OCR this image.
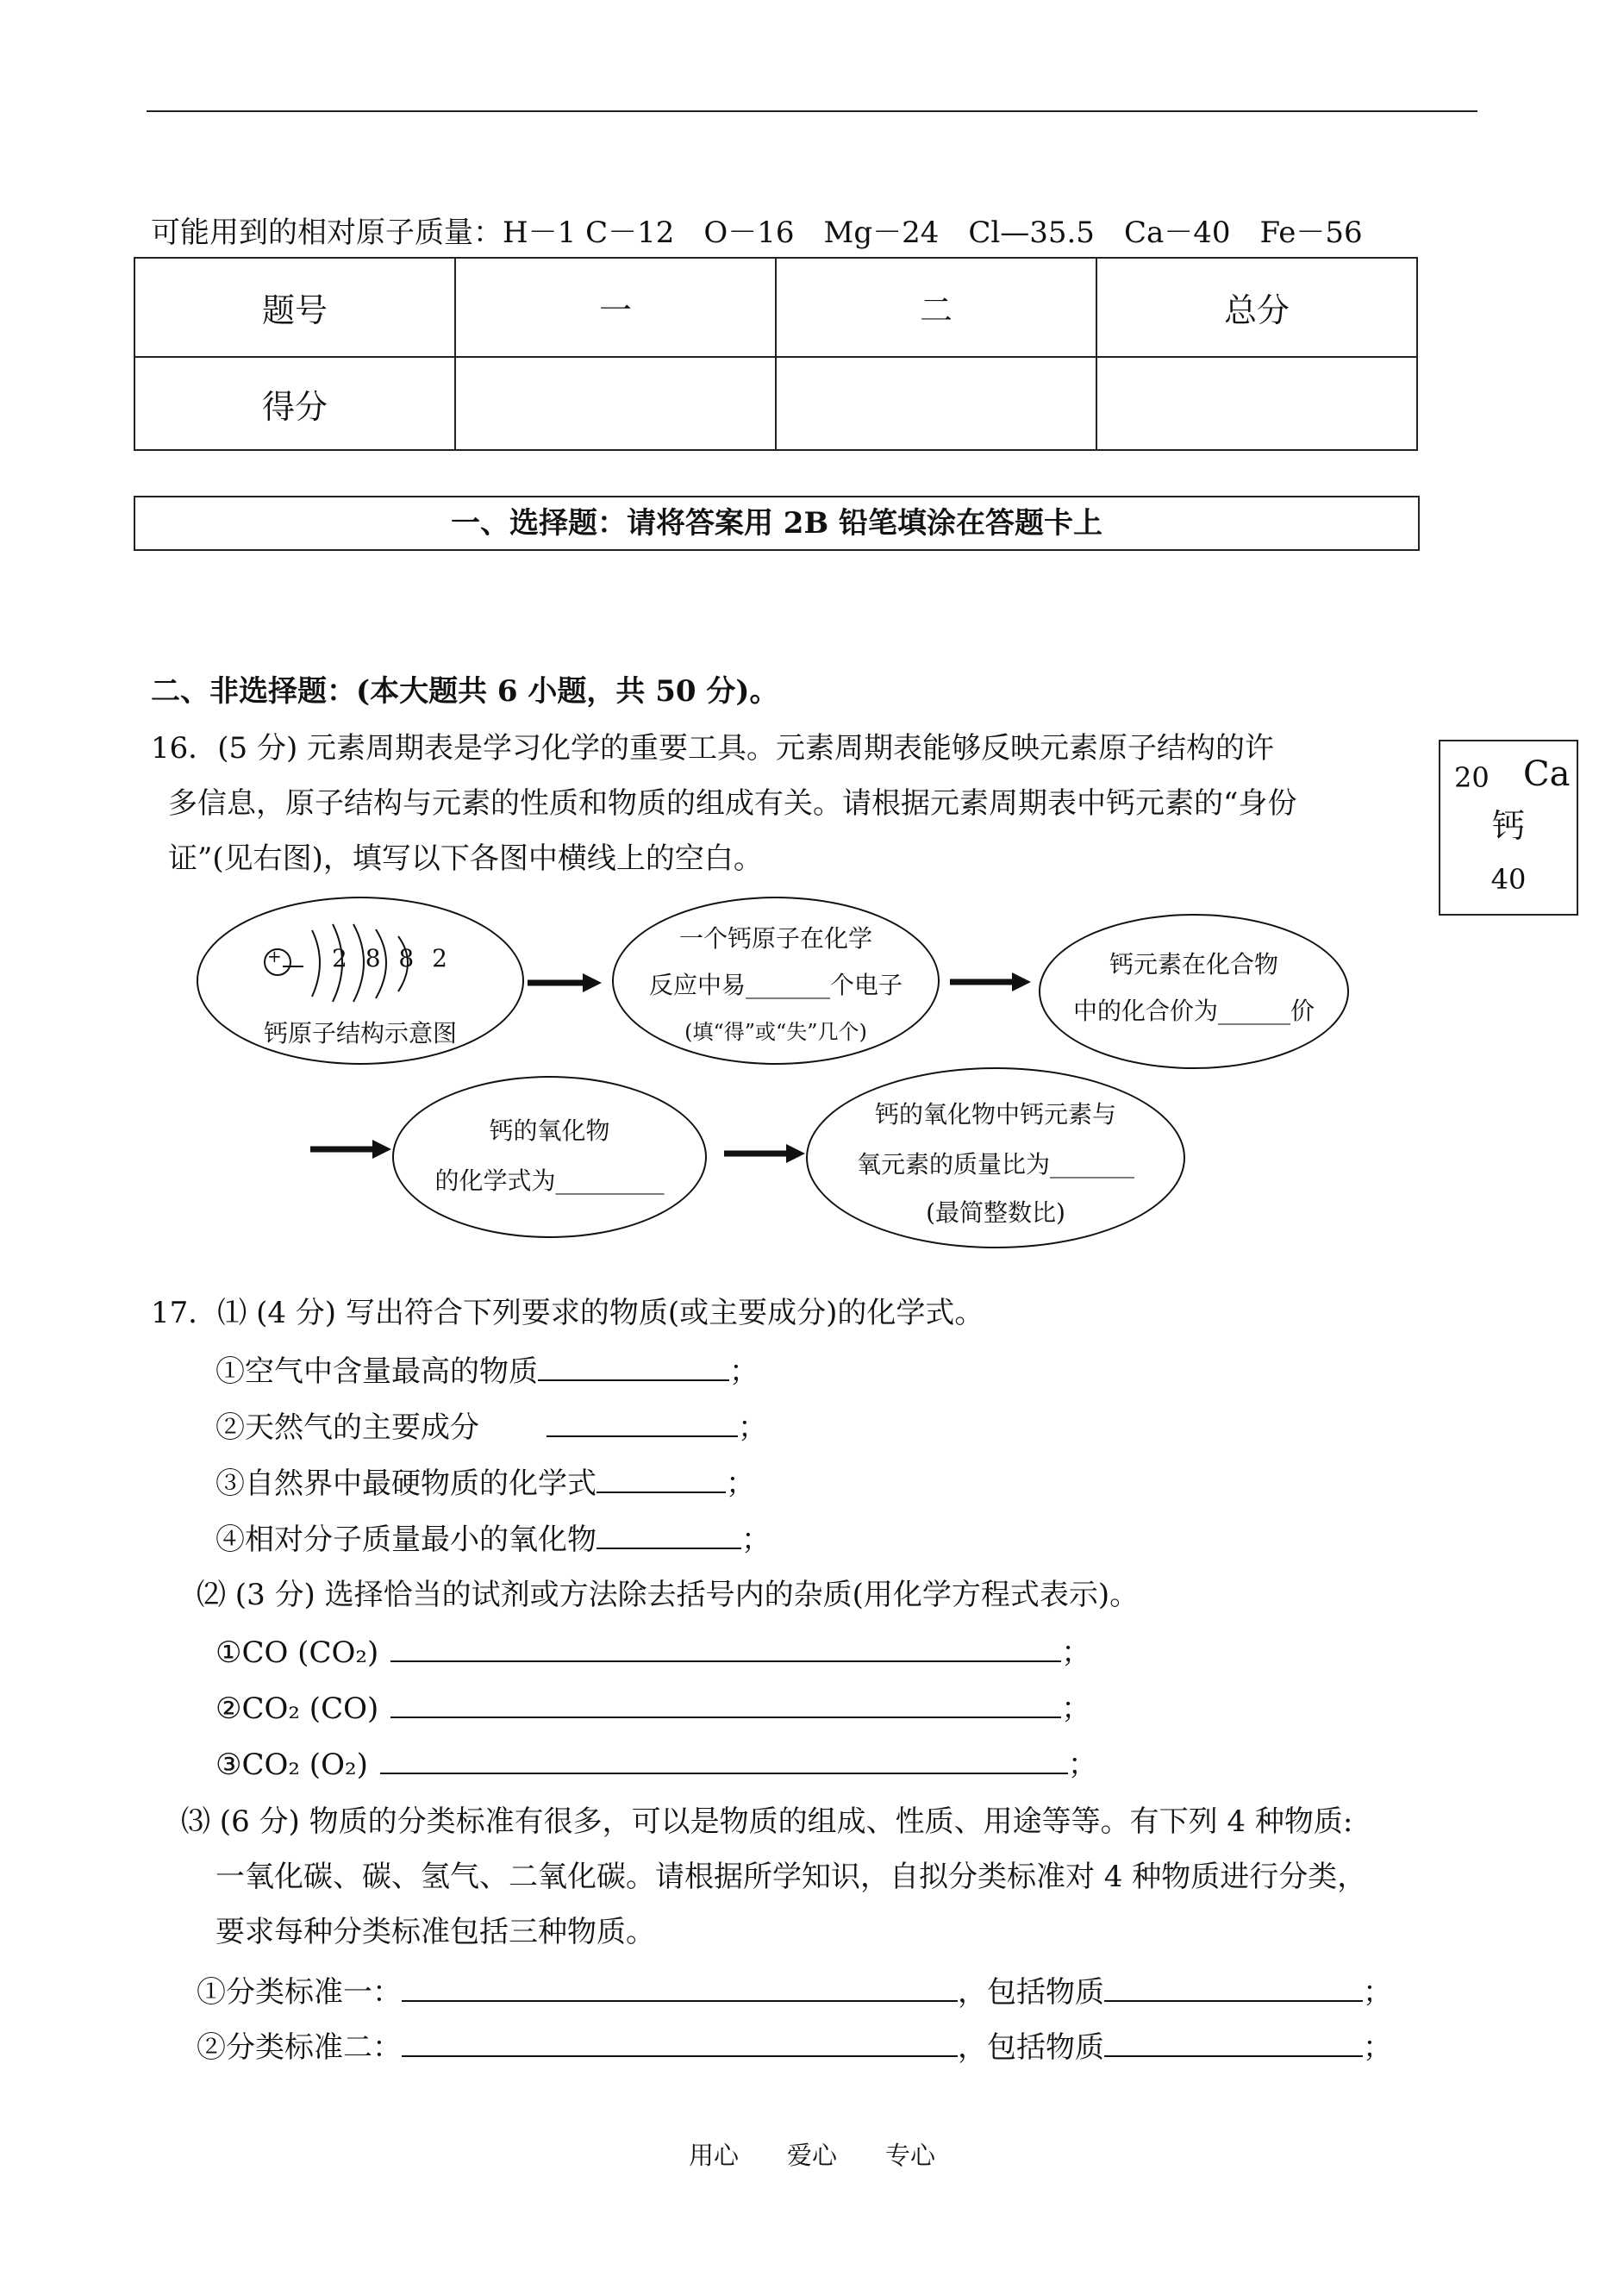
可能用到的相对原子质量：H－1 C－12　O－16　Mg－24　Cl—35.5　Ca－40　Fe－56
题号	一	二	总分
得分			
一、选择题：请将答案用 2B 铅笔填涂在答题卡上
二、非选择题：(本大题共 6 小题，共 50 分)。
16．(5 分) 元素周期表是学习化学的重要工具。元素周期表能够反映元素原子结构的许
多信息，原子结构与元素的性质和物质的组成有关。请根据元素周期表中钙元素的“身份
证”(见右图)，填写以下各图中横线上的空白。
20 Ca
钙
40
+ 2 8 8 2
钙原子结构示意图
一个钙原子在化学
反应中易_______个电子
(填“得”或“失”几个)
钙元素在化合物
中的化合价为______价
钙的氧化物
的化学式为_________
钙的氧化物中钙元素与
氧元素的质量比为_______
(最简整数比)
17．⑴ (4 分) 写出符合下列要求的物质(或主要成分)的化学式。
①空气中含量最高的物质	；
②天然气的主要成分	；
③自然界中最硬物质的化学式	；
④相对分子质量最小的氧化物	；
⑵ (3 分) 选择恰当的试剂或方法除去括号内的杂质(用化学方程式表示)。
①CO (CO₂)	；
②CO₂ (CO)	；
③CO₂ (O₂)	；
⑶ (6 分) 物质的分类标准有很多，可以是物质的组成、性质、用途等等。有下列 4 种物质:
一氧化碳、碳、氢气、二氧化碳。请根据所学知识，自拟分类标准对 4 种物质进行分类，
要求每种分类标准包括三种物质。
①分类标准一：	，包括物质	；
②分类标准二：	，包括物质	；
用心 爱心 专心
